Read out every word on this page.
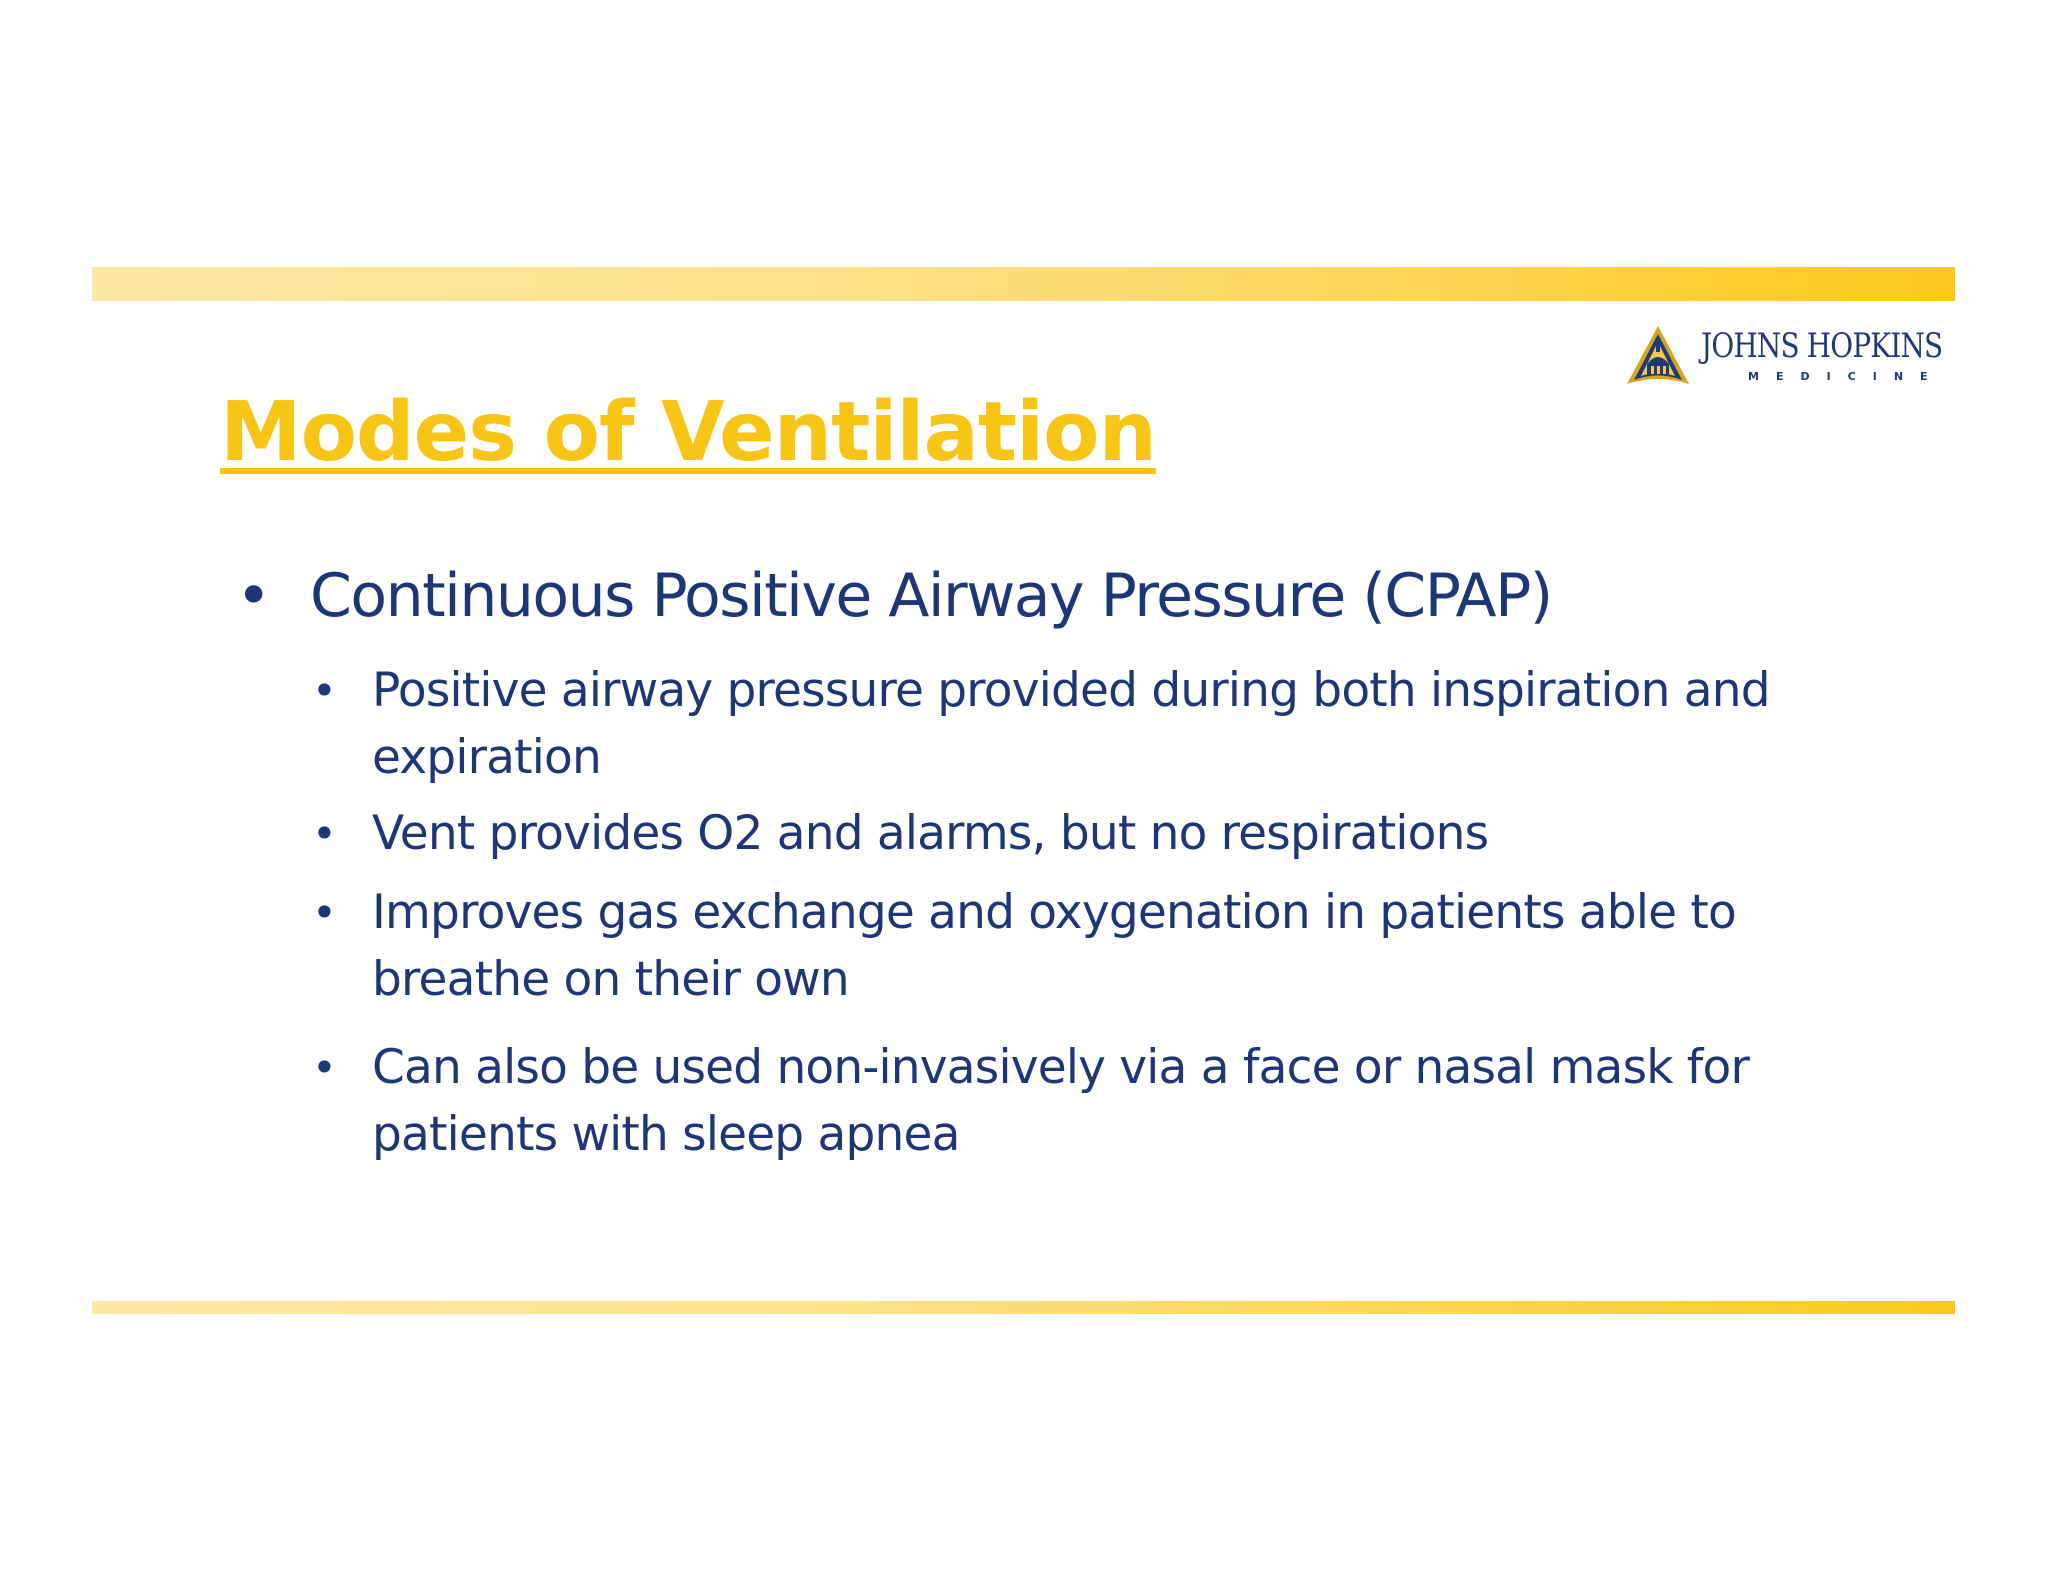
JOHNS HOPKINS
MEDICINE
Modes of Ventilation
• Continuous Positive Airway Pressure (CPAP)
• Positive airway pressure provided during both inspiration and
expiration
• Vent provides O2 and alarms, but no respirations
• Improves gas exchange and oxygenation in patients able to
breathe on their own
• Can also be used non-invasively via a face or nasal mask for
patients with sleep apnea
